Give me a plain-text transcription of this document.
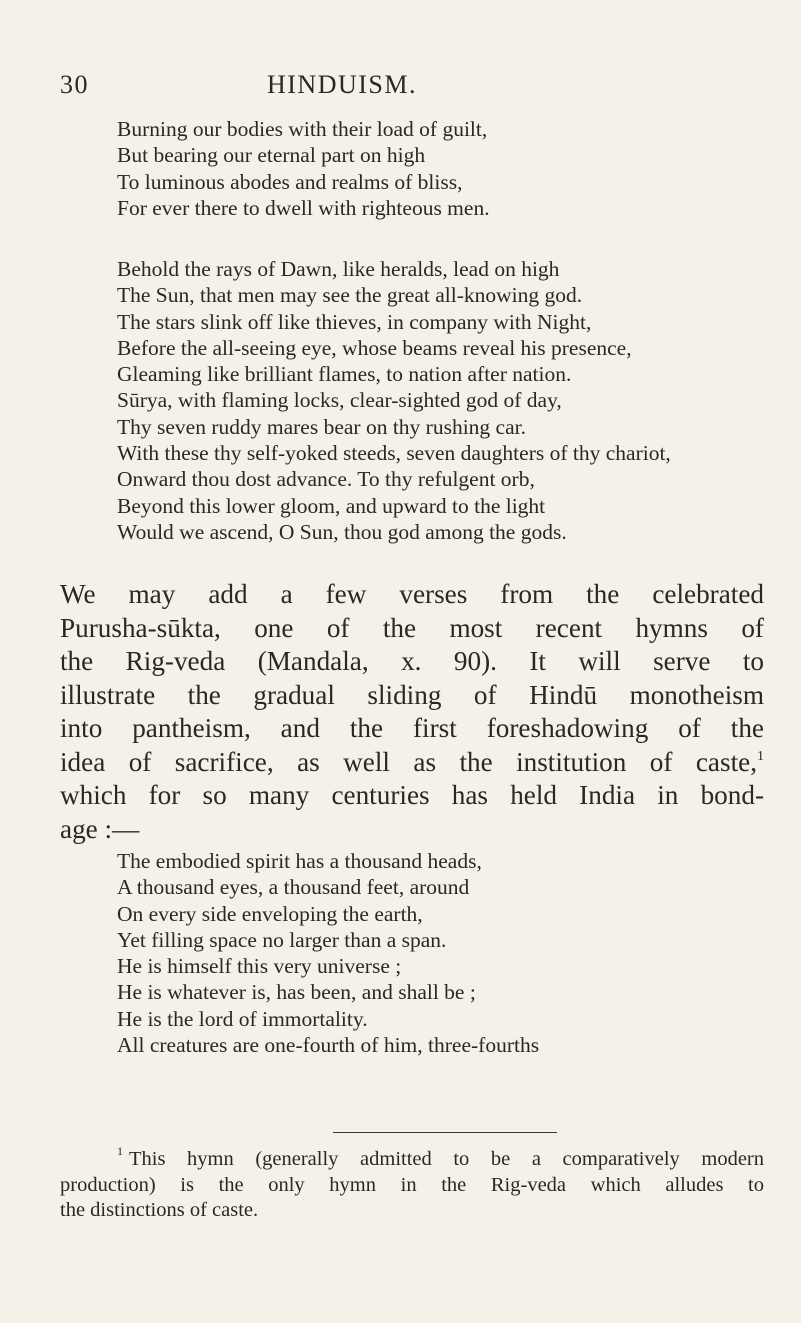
30	HINDUISM.
Burning our bodies with their load of guilt,
But bearing our eternal part on high
To luminous abodes and realms of bliss,
For ever there to dwell with righteous men.
Behold the rays of Dawn, like heralds, lead on high
The Sun, that men may see the great all-knowing god.
The stars slink off like thieves, in company with Night,
Before the all-seeing eye, whose beams reveal his presence,
Gleaming like brilliant flames, to nation after nation.
Sūrya, with flaming locks, clear-sighted god of day,
Thy seven ruddy mares bear on thy rushing car.
With these thy self-yoked steeds, seven daughters of thy chariot,
Onward thou dost advance. To thy refulgent orb,
Beyond this lower gloom, and upward to the light
Would we ascend, O Sun, thou god among the gods.
We may add a few verses from the celebrated
Purusha-sūkta, one of the most recent hymns of
the Rig-veda (Mandala, x. 90). It will serve to
illustrate the gradual sliding of Hindū monotheism
into pantheism, and the first foreshadowing of the
idea of sacrifice, as well as the institution of caste,$^1$
which for so many centuries has held India in bond-
age :—
The embodied spirit has a thousand heads,
A thousand eyes, a thousand feet, around
On every side enveloping the earth,
Yet filling space no larger than a span.
He is himself this very universe ;
He is whatever is, has been, and shall be ;
He is the lord of immortality.
All creatures are one-fourth of him, three-fourths
$^1$ This hymn (generally admitted to be a comparatively modern
production) is the only hymn in the Rig-veda which alludes to
the distinctions of caste.
